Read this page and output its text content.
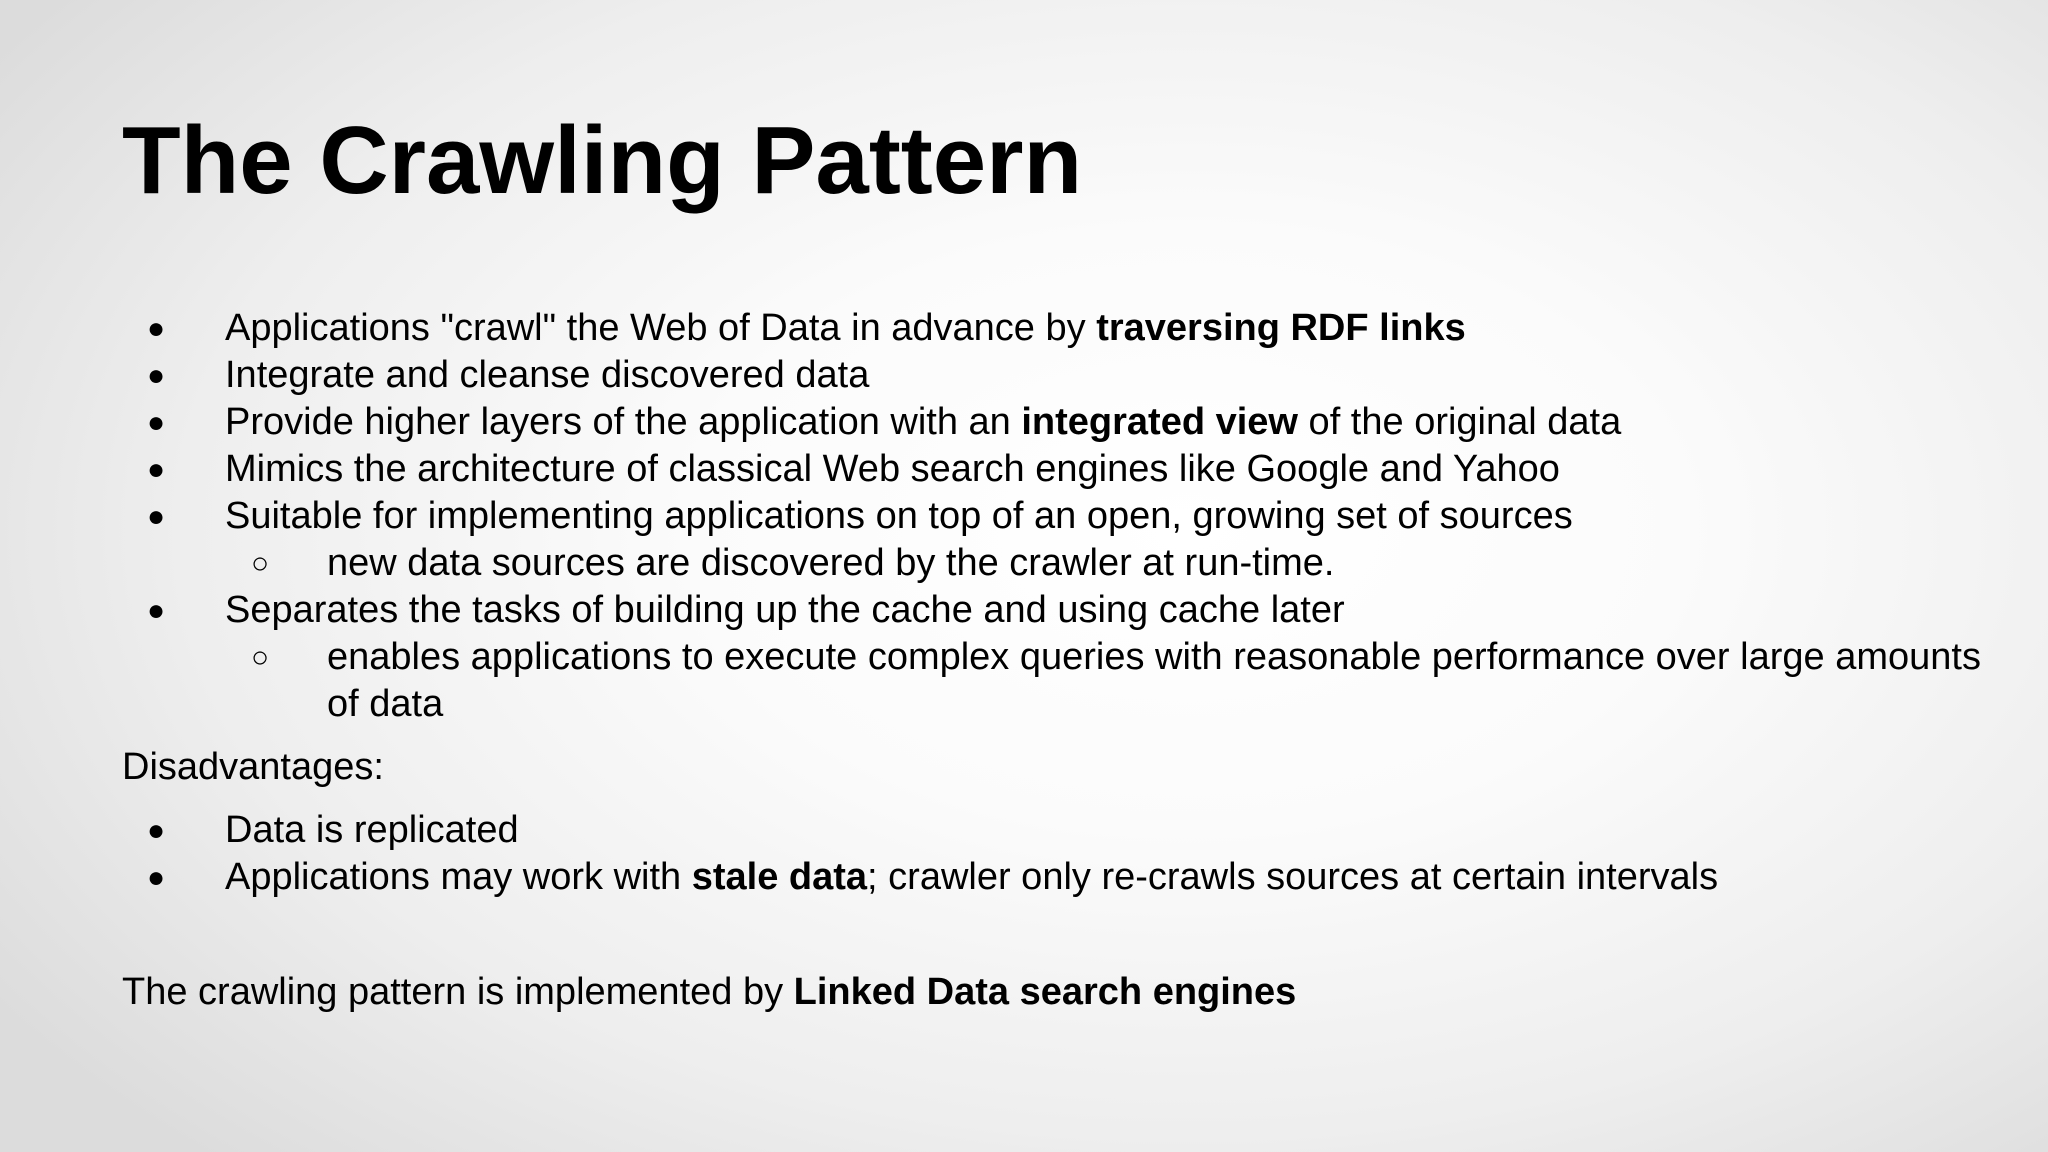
The Crawling Pattern
● Applications "crawl" the Web of Data in advance by traversing RDF links
● Integrate and cleanse discovered data
● Provide higher layers of the application with an integrated view of the original data
● Mimics the architecture of classical Web search engines like Google and Yahoo
● Suitable for implementing applications on top of an open, growing set of sources
○ new data sources are discovered by the crawler at run-time.
● Separates the tasks of building up the cache and using cache later
○ enables applications to execute complex queries with reasonable performance over large amounts of data
Disadvantages:
● Data is replicated
● Applications may work with stale data; crawler only re-crawls sources at certain intervals
The crawling pattern is implemented by Linked Data search engines
